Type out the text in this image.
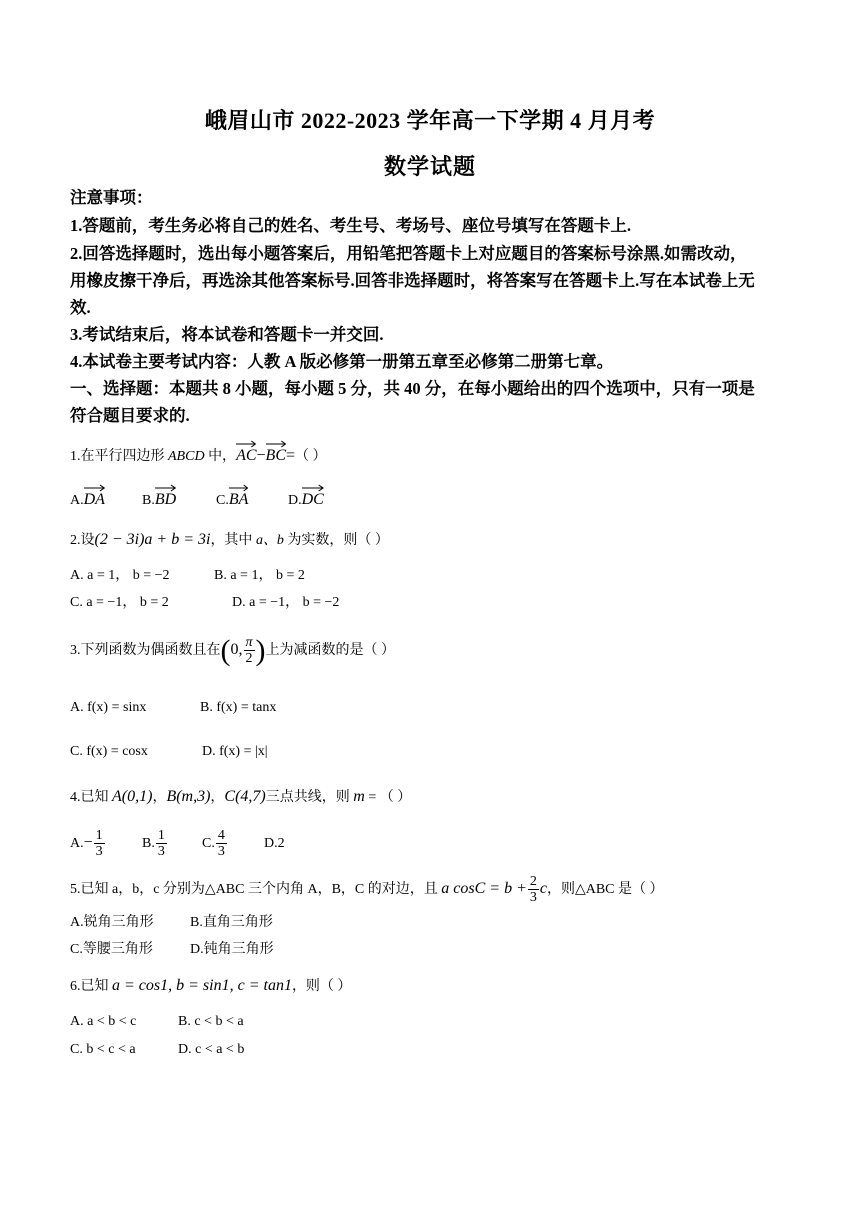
峨眉山市 2022-2023 学年高一下学期 4 月月考
数学试题
注意事项：
1.答题前，考生务必将自己的姓名、考生号、考场号、座位号填写在答题卡上.
2.回答选择题时，选出每小题答案后，用铅笔把答题卡上对应题目的答案标号涂黑.如需改动，
用橡皮擦干净后，再选涂其他答案标号.回答非选择题时，将答案写在答题卡上.写在本试卷上无
效.
3.考试结束后，将本试卷和答题卡一并交回.
4.本试卷主要考试内容：人教 A 版必修第一册第五章至必修第二册第七章。
一、选择题：本题共 8 小题，每小题 5 分，共 40 分，在每小题给出的四个选项中，只有一项是
符合题目要求的.
1.在平行四边形 ABCD 中，
AC−
BC=（ ）
A.
DA	B.
BD	C.
BA	D.
DC
2.设(2 − 3i)a + b = 3i，其中 a、b 为实数，则（ ）
A. a = 1， b = −2	B. a = 1， b = 2
C. a = −1， b = 2	D. a = −1， b = −2
3.下列函数为偶函数且在(0, $\frac{\pi}{2}$ )上为减函数的是（ ）
A. f(x) = sinx	B. f(x) = tanx
C. f(x) = cosx	D. f(x) = |x|
4.已知 A(0,1)，B(m,3)，C(4,7)三点共线，则 m = （ ）
$A.- \frac{1}{3}$	B. $\frac{1}{3}$	C. $\frac{4}{3}$	D.2
5.已知 a，b，c 分别为△ABC 三个内角 A，B，C 的对边，且 a $\cos C = b + \frac{2}{3}$ c，则△ABC 是（ ）
A.锐角三角形	B.直角三角形
C.等腰三角形	D.钝角三角形
6.已知 a = cos1, b = sin1, c = tan1，则（ ）
A. a < b < c	B. c < b < a
C. b < c < a	D. c < a < b
